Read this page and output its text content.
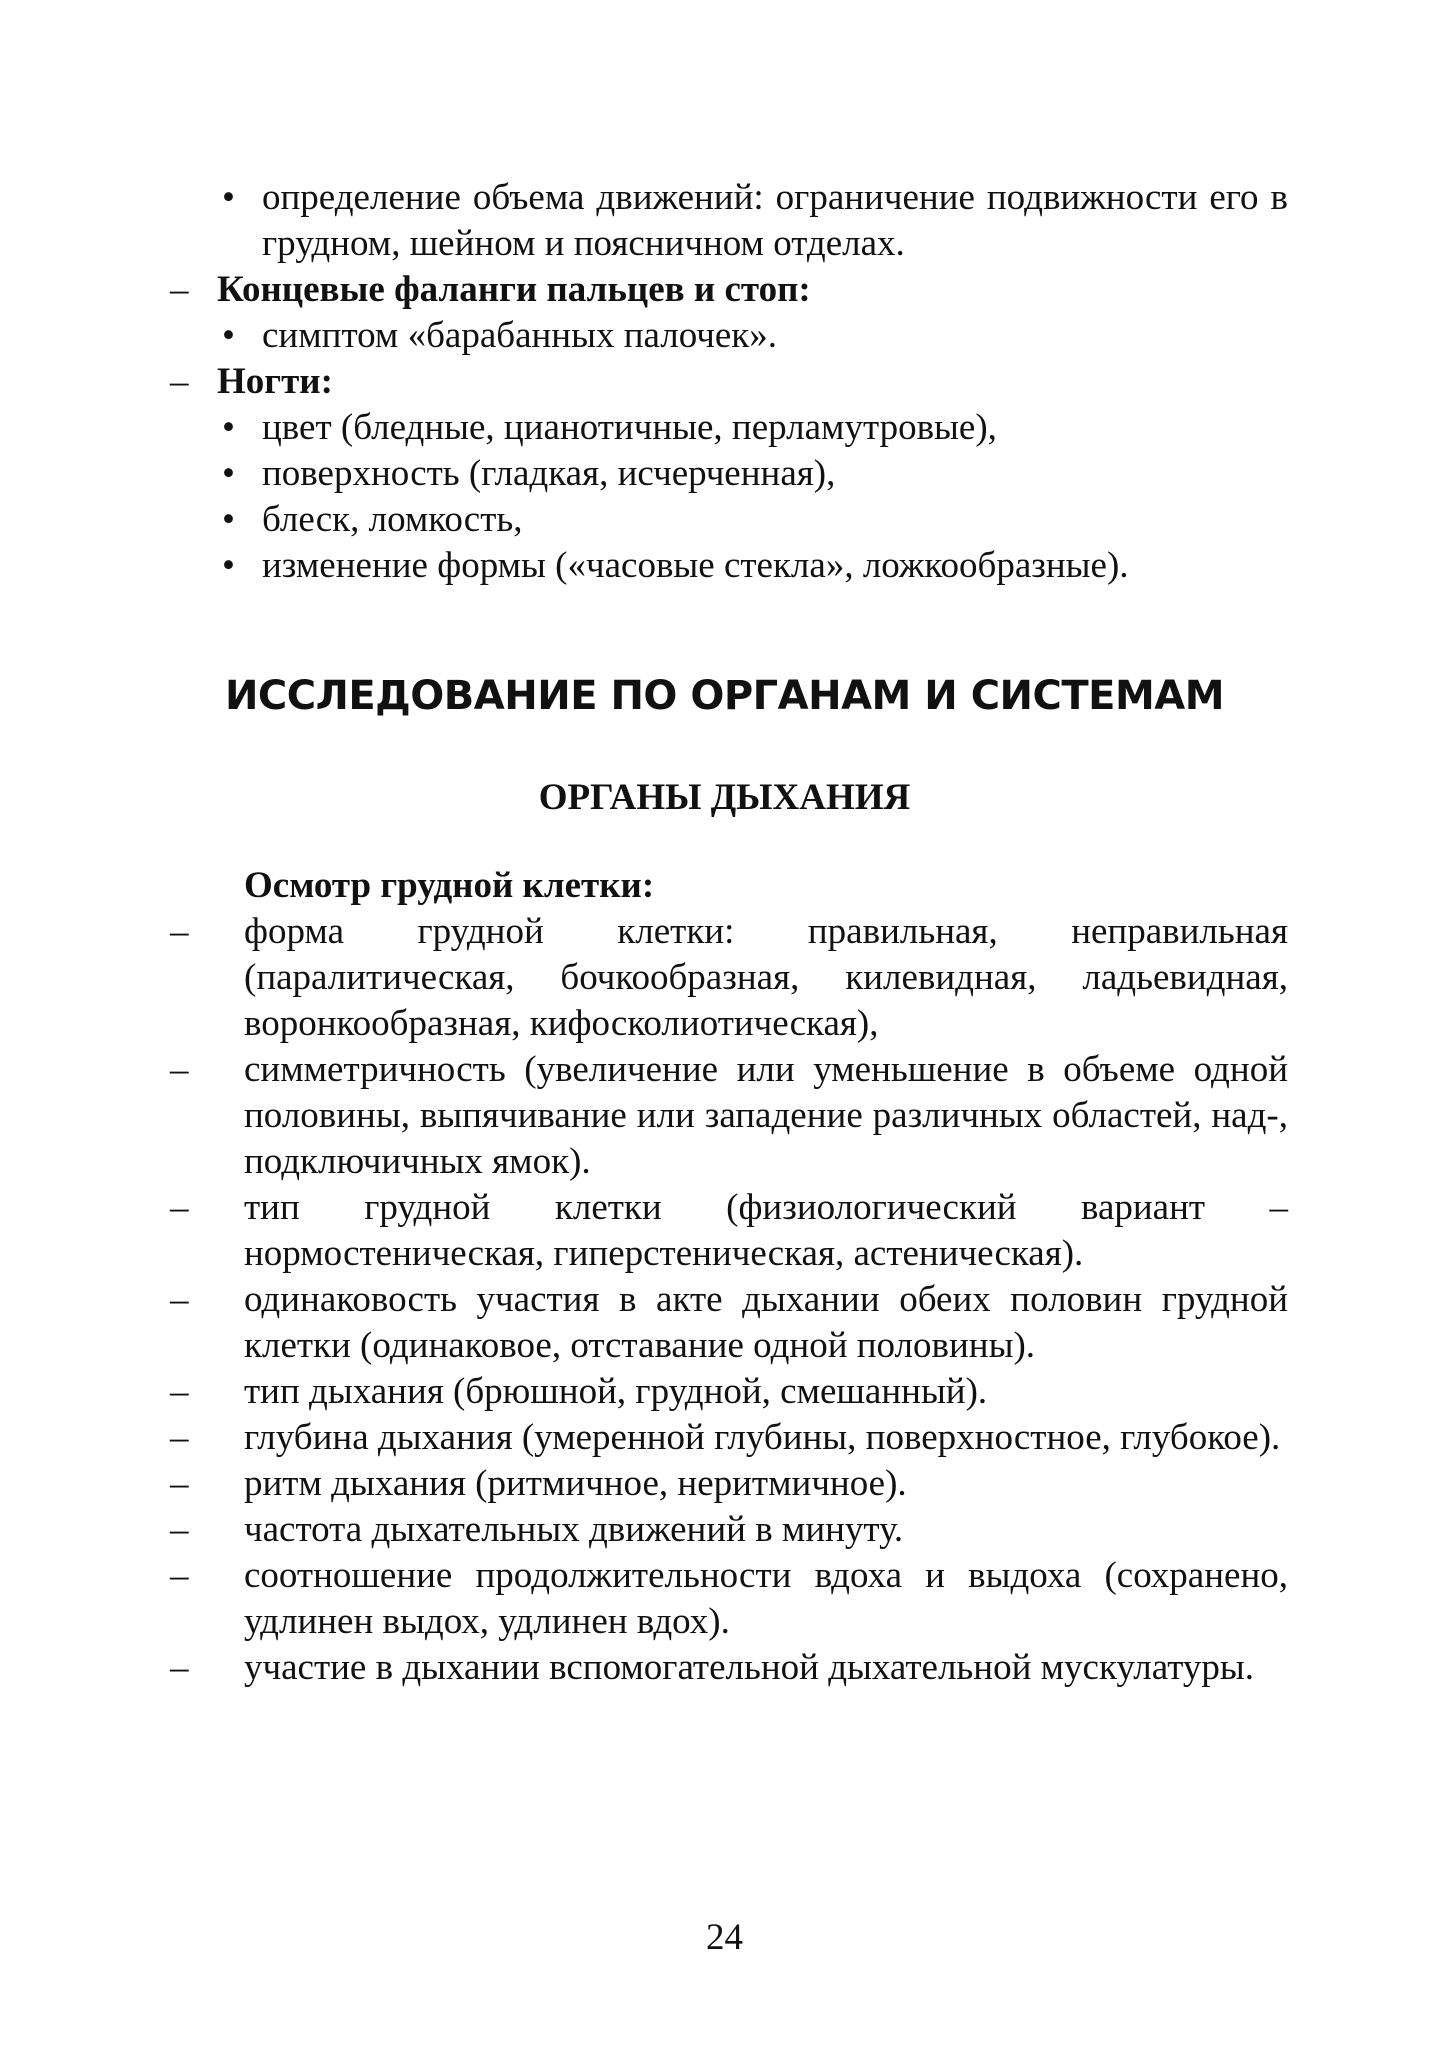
• определение объема движений: ограничение подвижности его в грудном, шейном и поясничном отделах.
– Концевые фаланги пальцев и стоп:
• симптом «барабанных палочек».
– Ногти:
• цвет (бледные, цианотичные, перламутровые),
• поверхность (гладкая, исчерченная),
• блеск, ломкость,
• изменение формы («часовые стекла», ложкообразные).
ИССЛЕДОВАНИЕ ПО ОРГАНАМ И СИСТЕМАМ
ОРГАНЫ ДЫХАНИЯ
Осмотр грудной клетки:
– форма грудной клетки: правильная, неправильная (паралитическая, бочкообразная, килевидная, ладьевидная, воронкообразная, кифосколиотическая),
– симметричность (увеличение или уменьшение в объеме одной половины, выпячивание или западение различных областей, над-, подключичных ямок).
– тип грудной клетки (физиологический вариант – нормостеническая, гиперстеническая, астеническая).
– одинаковость участия в акте дыхании обеих половин грудной клетки (одинаковое, отставание одной половины).
– тип дыхания (брюшной, грудной, смешанный).
– глубина дыхания (умеренной глубины, поверхностное, глубокое).
– ритм дыхания (ритмичное, неритмичное).
– частота дыхательных движений в минуту.
– соотношение продолжительности вдоха и выдоха (сохранено, удлинен выдох, удлинен вдох).
– участие в дыхании вспомогательной дыхательной мускулатуры.
24
